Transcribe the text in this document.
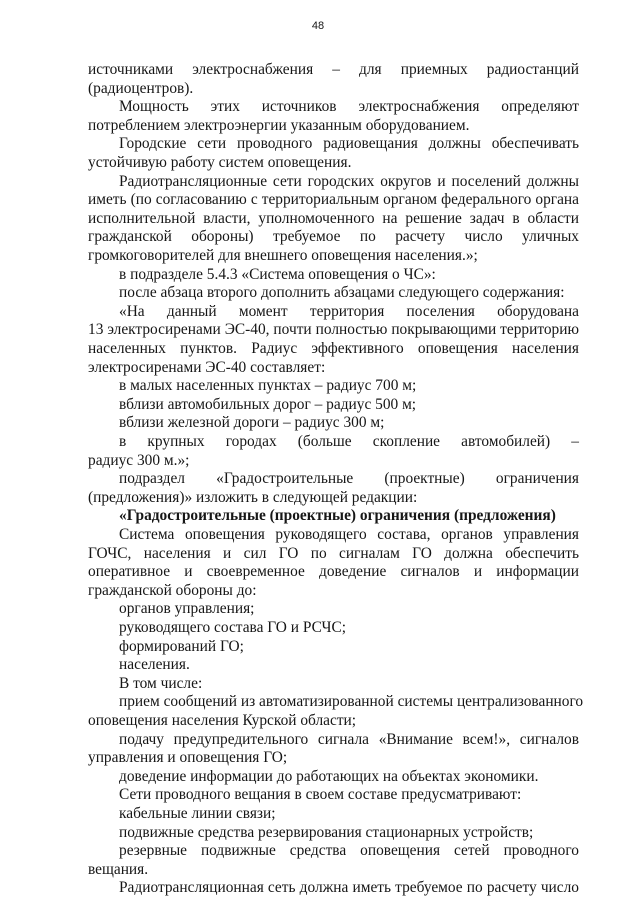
48
источниками электроснабжения – для приемных радиостанций
(радиоцентров).
Мощность этих источников электроснабжения определяют
потреблением электроэнергии указанным оборудованием.
Городские сети проводного радиовещания должны обеспечивать
устойчивую работу систем оповещения.
Радиотрансляционные сети городских округов и поселений должны
иметь (по согласованию с территориальным органом федерального органа
исполнительной власти, уполномоченного на решение задач в области
гражданской обороны) требуемое по расчету число уличных
громкоговорителей для внешнего оповещения населения.»;
в подразделе 5.4.3 «Система оповещения о ЧС»:
после абзаца второго дополнить абзацами следующего содержания:
«На данный момент территория поселения оборудована
13 электросиренами ЭС-40, почти полностью покрывающими территорию
населенных пунктов. Радиус эффективного оповещения населения
электросиренами ЭС-40 составляет:
в малых населенных пунктах – радиус 700 м;
вблизи автомобильных дорог – радиус 500 м;
вблизи железной дороги – радиус 300 м;
в крупных городах (больше скопление автомобилей) –
радиус 300 м.»;
подраздел «Градостроительные (проектные) ограничения
(предложения)» изложить в следующей редакции:
«Градостроительные (проектные) ограничения (предложения)
Система оповещения руководящего состава, органов управления
ГОЧС, населения и сил ГО по сигналам ГО должна обеспечить
оперативное и своевременное доведение сигналов и информации
гражданской обороны до:
органов управления;
руководящего состава ГО и РСЧС;
формирований ГО;
населения.
В том числе:
прием сообщений из автоматизированной системы централизованного
оповещения населения Курской области;
подачу предупредительного сигнала «Внимание всем!», сигналов
управления и оповещения ГО;
доведение информации до работающих на объектах экономики.
Сети проводного вещания в своем составе предусматривают:
кабельные линии связи;
подвижные средства резервирования стационарных устройств;
резервные подвижные средства оповещения сетей проводного
вещания.
Радиотрансляционная сеть должна иметь требуемое по расчету число
